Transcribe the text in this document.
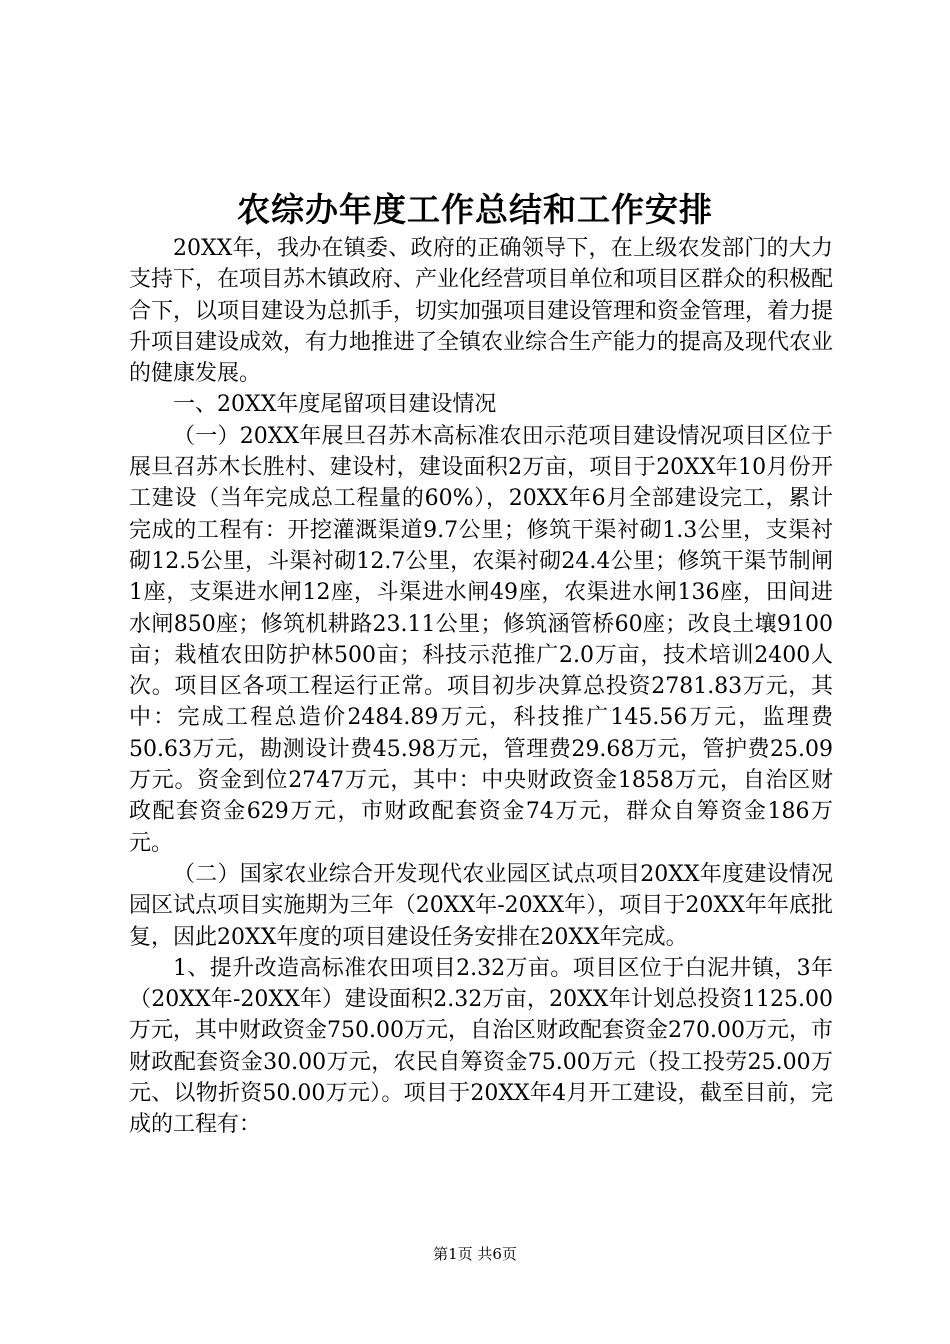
农综办年度工作总结和工作安排

20XX年，我办在镇委、政府的正确领导下，在上级农发部门的大力支持下，在项目苏木镇政府、产业化经营项目单位和项目区群众的积极配合下，以项目建设为总抓手，切实加强项目建设管理和资金管理，着力提升项目建设成效，有力地推进了全镇农业综合生产能力的提高及现代农业的健康发展。

一、20XX年度尾留项目建设情况

（一）20XX年展旦召苏木高标准农田示范项目建设情况项目区位于展旦召苏木长胜村、建设村，建设面积2万亩，项目于20XX年10月份开工建设（当年完成总工程量的60%），20XX年6月全部建设完工，累计完成的工程有：开挖灌溉渠道9.7公里；修筑干渠衬砌1.3公里，支渠衬砌12.5公里，斗渠衬砌12.7公里，农渠衬砌24.4公里；修筑干渠节制闸1座，支渠进水闸12座，斗渠进水闸49座，农渠进水闸136座，田间进水闸850座；修筑机耕路23.11公里；修筑涵管桥60座；改良土壤9100亩；栽植农田防护林500亩；科技示范推广2.0万亩，技术培训2400人次。项目区各项工程运行正常。项目初步决算总投资2781.83万元，其中：完成工程总造价2484.89万元，科技推广145.56万元，监理费50.63万元，勘测设计费45.98万元，管理费29.68万元，管护费25.09万元。资金到位2747万元，其中：中央财政资金1858万元，自治区财政配套资金629万元，市财政配套资金74万元，群众自筹资金186万元。

（二）国家农业综合开发现代农业园区试点项目20XX年度建设情况园区试点项目实施期为三年（20XX年-20XX年），项目于20XX年年底批复，因此20XX年度的项目建设任务安排在20XX年完成。

1、提升改造高标准农田项目2.32万亩。项目区位于白泥井镇，3年（20XX年-20XX年）建设面积2.32万亩，20XX年计划总投资1125.00万元，其中财政资金750.00万元，自治区财政配套资金270.00万元，市财政配套资金30.00万元，农民自筹资金75.00万元（投工投劳25.00万元、以物折资50.00万元）。项目于20XX年4月开工建设，截至目前，完成的工程有：

第1页 共6页
